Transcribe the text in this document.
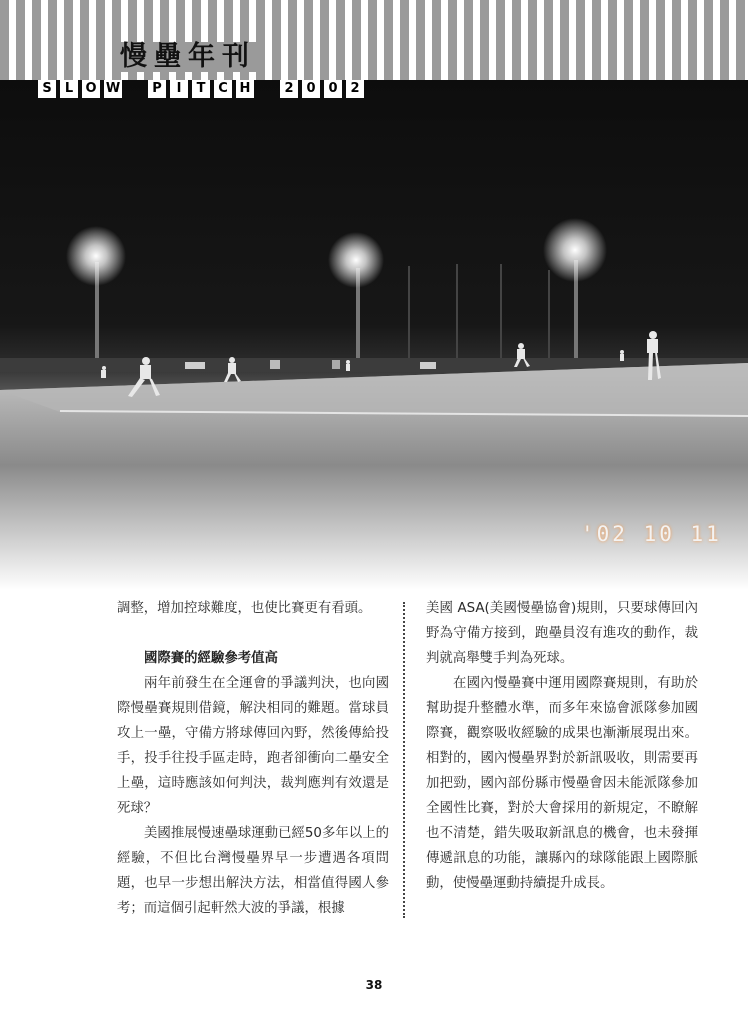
慢壘年刊
S	L O W	P	I	T C H	2 0 0 2
'02 10 11

調整，增加控球難度，也使比賽更有看頭。

國際賽的經驗參考值高

兩年前發生在全運會的爭議判決，也向國際慢壘賽規則借鏡，解決相同的難題。當球員攻上一壘，守備方將球傳回內野，然後傳給投手，投手往投手區走時，跑者卻衝向二壘安全上壘，這時應該如何判決，裁判應判有效還是死球？

美國推展慢速壘球運動已經50多年以上的經驗，不但比台灣慢壘界早一步遭遇各項問題，也早一步想出解決方法，相當值得國人參考；而這個引起軒然大波的爭議，根據

美國 ASA(美國慢壘協會)規則，只要球傳回內野為守備方接到，跑壘員沒有進攻的動作，裁判就高舉雙手判為死球。

在國內慢壘賽中運用國際賽規則，有助於幫助提升整體水準，而多年來協會派隊參加國際賽，觀察吸收經驗的成果也漸漸展現出來。相對的，國內慢壘界對於新訊吸收，則需要再加把勁，國內部份縣市慢壘會因未能派隊參加全國性比賽，對於大會採用的新規定，不瞭解也不清楚，錯失吸取新訊息的機會，也未發揮傳遞訊息的功能，讓縣內的球隊能跟上國際脈動，使慢壘運動持續提升成長。

38
